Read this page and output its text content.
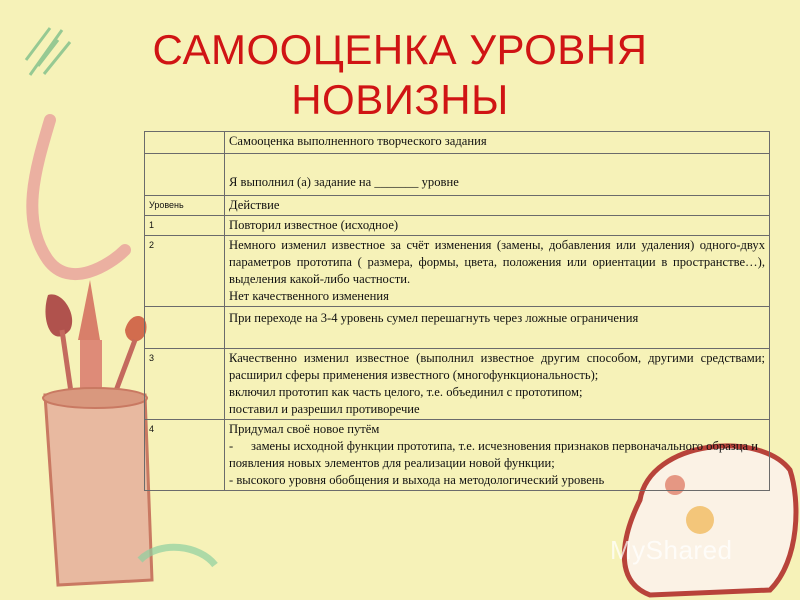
САМООЦЕНКА УРОВНЯ
НОВИЗНЫ
	Самооценка выполненного творческого задания
	Я выполнил (а) задание на _______ уровне
Уровень	Действие
1	Повторил известное (исходное)

2	Немного изменил известное за счёт изменения (замены, добавления или удаления) одного-двух параметров прототипа ( размера, формы, цвета, положения или ориентации в пространстве…), выделения какой-либо частности.
Нет качественного изменения

	При переходе на 3-4 уровень сумел перешагнуть через ложные ограничения

3	Качественно изменил известное (выполнил известное другим способом, другими средствами; расширил сферы применения известного (многофункциональность);
включил прототип как часть целого, т.е. объединил с прототипом;
поставил и разрешил противоречие

4	Придумал своё новое путём
- замены исходной функции прототипа, т.е. исчезновения признаков первоначального образца и появления новых элементов для реализации новой функции;
- высокого уровня обобщения и выхода на методологический уровень
MyShared
